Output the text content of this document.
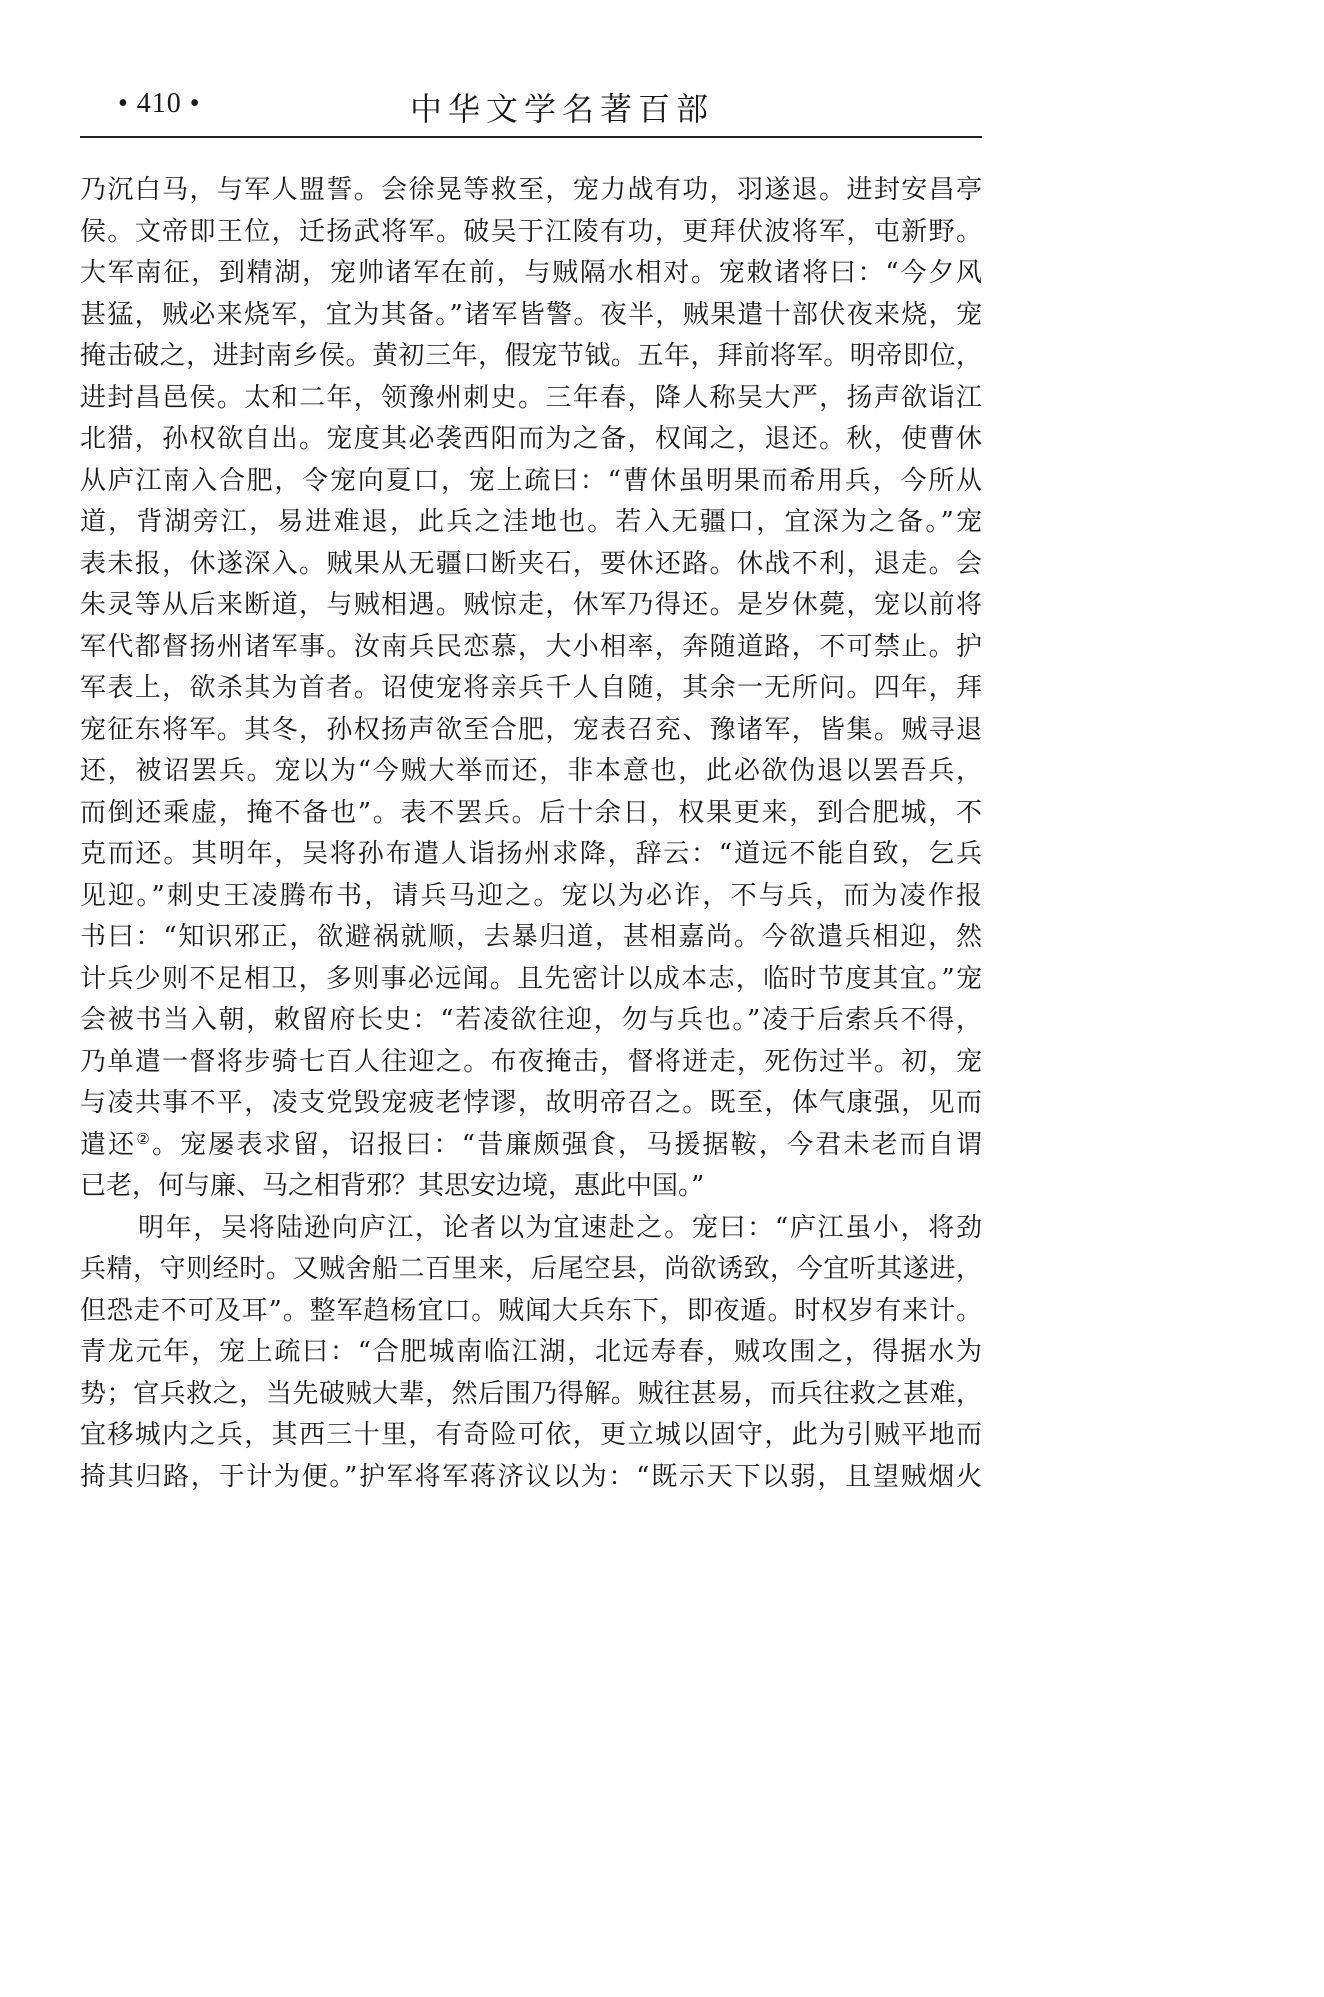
• 410 •	中华文学名著百部
乃沉白马，与军人盟誓。会徐晃等救至，宠力战有功，羽遂退。进封安昌亭
侯。文帝即王位，迁扬武将军。破吴于江陵有功，更拜伏波将军，屯新野。
大军南征，到精湖，宠帅诸军在前，与贼隔水相对。宠敕诸将曰：“今夕风
甚猛，贼必来烧军，宜为其备。”诸军皆警。夜半，贼果遣十部伏夜来烧，宠
掩击破之，进封南乡侯。黄初三年，假宠节钺。五年，拜前将军。明帝即位，
进封昌邑侯。太和二年，领豫州刺史。三年春，降人称吴大严，扬声欲诣江
北猎，孙权欲自出。宠度其必袭西阳而为之备，权闻之，退还。秋，使曹休
从庐江南入合肥，令宠向夏口，宠上疏曰：“曹休虽明果而希用兵，今所从
道，背湖旁江，易进难退，此兵之洼地也。若入无疆口，宜深为之备。”宠
表未报，休遂深入。贼果从无疆口断夹石，要休还路。休战不利，退走。会
朱灵等从后来断道，与贼相遇。贼惊走，休军乃得还。是岁休薨，宠以前将
军代都督扬州诸军事。汝南兵民恋慕，大小相率，奔随道路，不可禁止。护
军表上，欲杀其为首者。诏使宠将亲兵千人自随，其余一无所问。四年，拜
宠征东将军。其冬，孙权扬声欲至合肥，宠表召兖、豫诸军，皆集。贼寻退
还，被诏罢兵。宠以为“今贼大举而还，非本意也，此必欲伪退以罢吾兵，
而倒还乘虚，掩不备也”。表不罢兵。后十余日，权果更来，到合肥城，不
克而还。其明年，吴将孙布遣人诣扬州求降，辞云：“道远不能自致，乞兵
见迎。”刺史王凌腾布书，请兵马迎之。宠以为必诈，不与兵，而为凌作报
书曰：“知识邪正，欲避祸就顺，去暴归道，甚相嘉尚。今欲遣兵相迎，然
计兵少则不足相卫，多则事必远闻。且先密计以成本志，临时节度其宜。”宠
会被书当入朝，敕留府长史：“若凌欲往迎，勿与兵也。”凌于后索兵不得，
乃单遣一督将步骑七百人往迎之。布夜掩击，督将迸走，死伤过半。初，宠
与凌共事不平，凌支党毁宠疲老悖谬，故明帝召之。既至，体气康强，见而
遣还②。宠屡表求留，诏报曰：“昔廉颇强食，马援据鞍，今君未老而自谓
已老，何与廉、马之相背邪？其思安边境，惠此中国。”
明年，吴将陆逊向庐江，论者以为宜速赴之。宠曰：“庐江虽小，将劲
兵精，守则经时。又贼舍船二百里来，后尾空县，尚欲诱致，今宜听其遂进，
但恐走不可及耳”。整军趋杨宜口。贼闻大兵东下，即夜遁。时权岁有来计。
青龙元年，宠上疏曰：“合肥城南临江湖，北远寿春，贼攻围之，得据水为
势；官兵救之，当先破贼大辈，然后围乃得解。贼往甚易，而兵往救之甚难，
宜移城内之兵，其西三十里，有奇险可依，更立城以固守，此为引贼平地而
掎其归路，于计为便。”护军将军蒋济议以为：“既示天下以弱，且望贼烟火
